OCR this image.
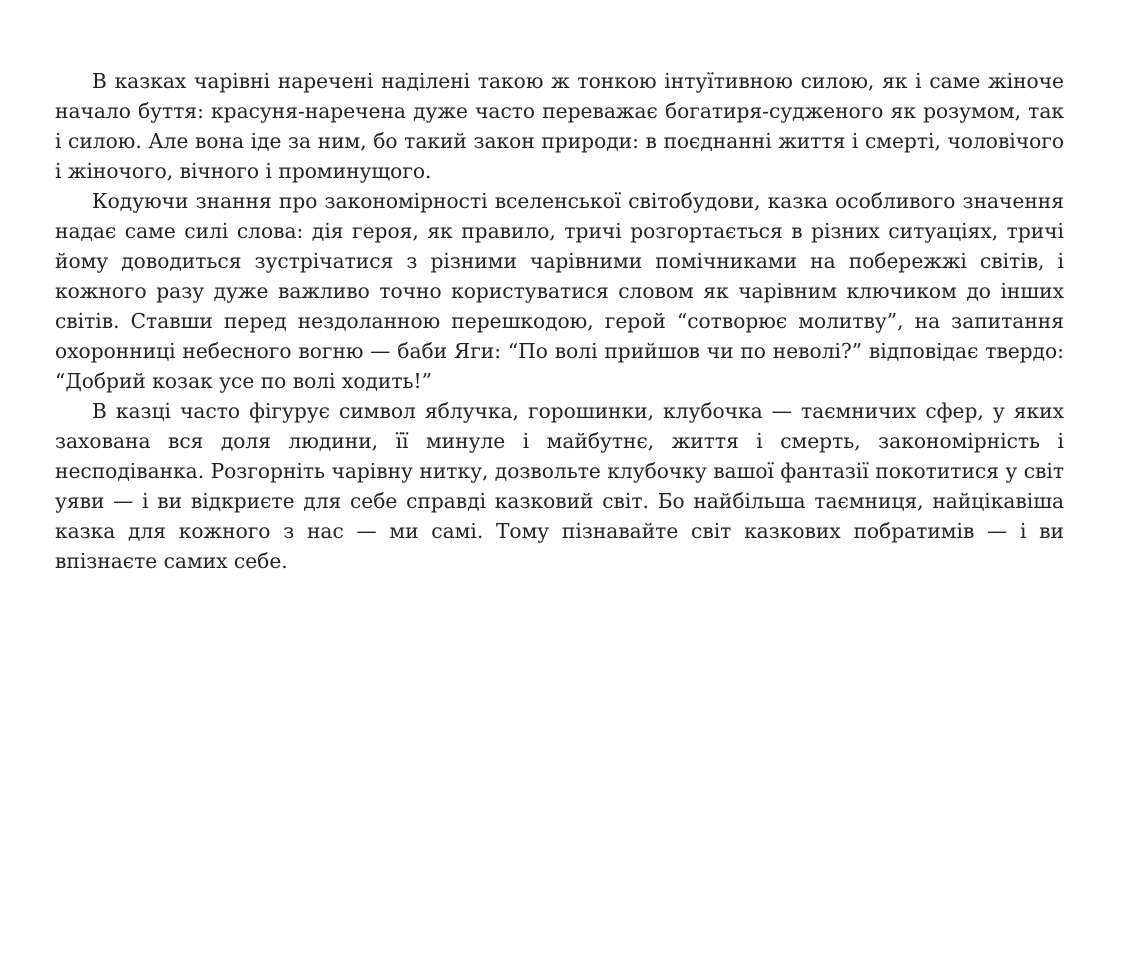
В казках чарівні наречені наділені такою ж тонкою інтуїтивною силою, як і саме жіноче начало буття: красуня-наречена дуже часто переважає богатиря-судженого як розумом, так і силою. Але вона іде за ним, бо такий закон природи: в поєднанні життя і смерті, чоловічого і жіночого, вічного і проминущого.

Кодуючи знання про закономірності вселенської світобудови, казка особливого значення надає саме силі слова: дія героя, як правило, тричі розгортається в різних ситуаціях, тричі йому доводиться зустрічатися з різними чарівними помічниками на побережжі світів, і кожного разу дуже важливо точно користуватися словом як чарівним ключиком до інших світів. Ставши перед нездоланною перешкодою, герой “сотворює молитву”, на запитання охоронниці небесного вогню — баби Яги: “По волі прийшов чи по неволі?” відповідає твердо: “Добрий козак усе по волі ходить!”

В казці часто фігурує символ яблучка, горошинки, клубочка — таємничих сфер, у яких захована вся доля людини, її минуле і майбутнє, життя і смерть, закономірність і несподіванка. Розгорніть чарівну нитку, дозвольте клубочку вашої фантазії покотитися у світ уяви — і ви відкриєте для себе справді казковий світ. Бо найбільша таємниця, найцікавіша казка для кожного з нас — ми самі. Тому пізнавайте світ казкових побратимів — і ви впізнаєте самих себе.
